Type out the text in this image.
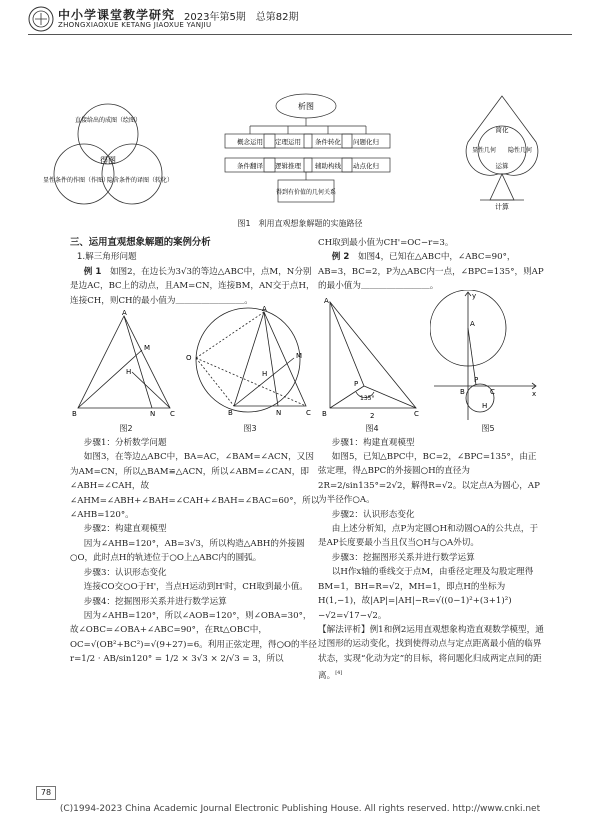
中小学课堂教学研究 2023年第5期　总第82期
ZHONGXIAOXUE KETANG JIAOXUE YANJIU
直接给出的成图（绘图）
得图
显性条件的作图（作图）
隐含条件的译图（转化）
析图
概念运用 定理运用 条件转化 问题化归
条件翻译 逻辑推理 辅助构线 动点化归
得到有价值的几何关系
简化
显性几何 隐性几何
运算
计算
图1　利用直观想象解题的实施路径

三、运用直观想象解题的案例分析

1.解三角形问题

例 1　 如图2，在边长为3√3的等边△ABC中，点M，N分别是边AC，BC上的动点，且AM=CN，连接BM，AN交于点H，连接CH，则CH的最小值为＿＿＿＿＿＿＿＿。

A
B	C
M
N
H
A
B	C
O	M
N
H
图2	图3

步骤1：分析数学问题

如图3，在等边△ABC中，BA=AC，∠BAM=∠ACN，又因为AM=CN，所以△BAM≌△ACN，所以∠ABM=∠CAN，即∠ABH=∠CAH，故∠AHM=∠ABH+∠BAH=∠CAH+∠BAH=∠BAC=60°，所以∠AHB=120°。

步骤2：构建直观模型

因为∠AHB=120°，AB=3√3，所以构造△ABH的外接圆○O，此时点H的轨迹位于○O上△ABC内的圆弧。

步骤3：认识形态变化

连接CO交○O于H'，当点H运动到H'时，CH取到最小值。

步骤4：挖掘图形关系并进行数学运算

因为∠AHB=120°，所以∠AOB=120°，则∠OBA=30°，故∠OBC=∠OBA+∠ABC=90°，在Rt△OBC中，OC=√(OB²+BC²)=√(9+27)=6。利用正弦定理，得○O的半径r=1/2 · AB/sin120° = 1/2 × 3√3 × 2/√3 = 3，所以

CH取到最小值为CH'=OC−r=3。

例 2　 如图4，已知在△ABC中，∠ABC=90°，AB=3，BC=2，P为△ABC内一点，∠BPC=135°，则AP的最小值为＿＿＿＿＿＿＿＿。

A
B	C
P
135°
2
A
B	C
P
H
x
y
图4	图5

步骤1：构建直观模型

如图5，已知△BPC中，BC=2，∠BPC=135°，由正弦定理，得△BPC的外接圆○H的直径为2R=2/sin135°=2√2，解得R=√2。以定点A为圆心，AP为半径作○A。

步骤2：认识形态变化

由上述分析知，点P为定圆○H和动圆○A的公共点，于是AP长度要最小当且仅当○H与○A外切。

步骤3：挖掘图形关系并进行数学运算

以H作x轴的垂线交于点M，由垂径定理及勾股定理得BM=1，BH=R=√2，MH=1，即点H的坐标为H(1,−1)，故|AP|=|AH|−R=√((0−1)²+(3+1)²)−√2=√17−√2。

【解法评析】例1和例2运用直观想象构造直观数学模型，通过图形的运动变化，找到使得动点与定点距离最小值的临界状态，实现“化动为定”的目标，将问题化归成两定点间的距离。[4]

78
(C)1994-2023 China Academic Journal Electronic Publishing House. All rights reserved. http://www.cnki.net
